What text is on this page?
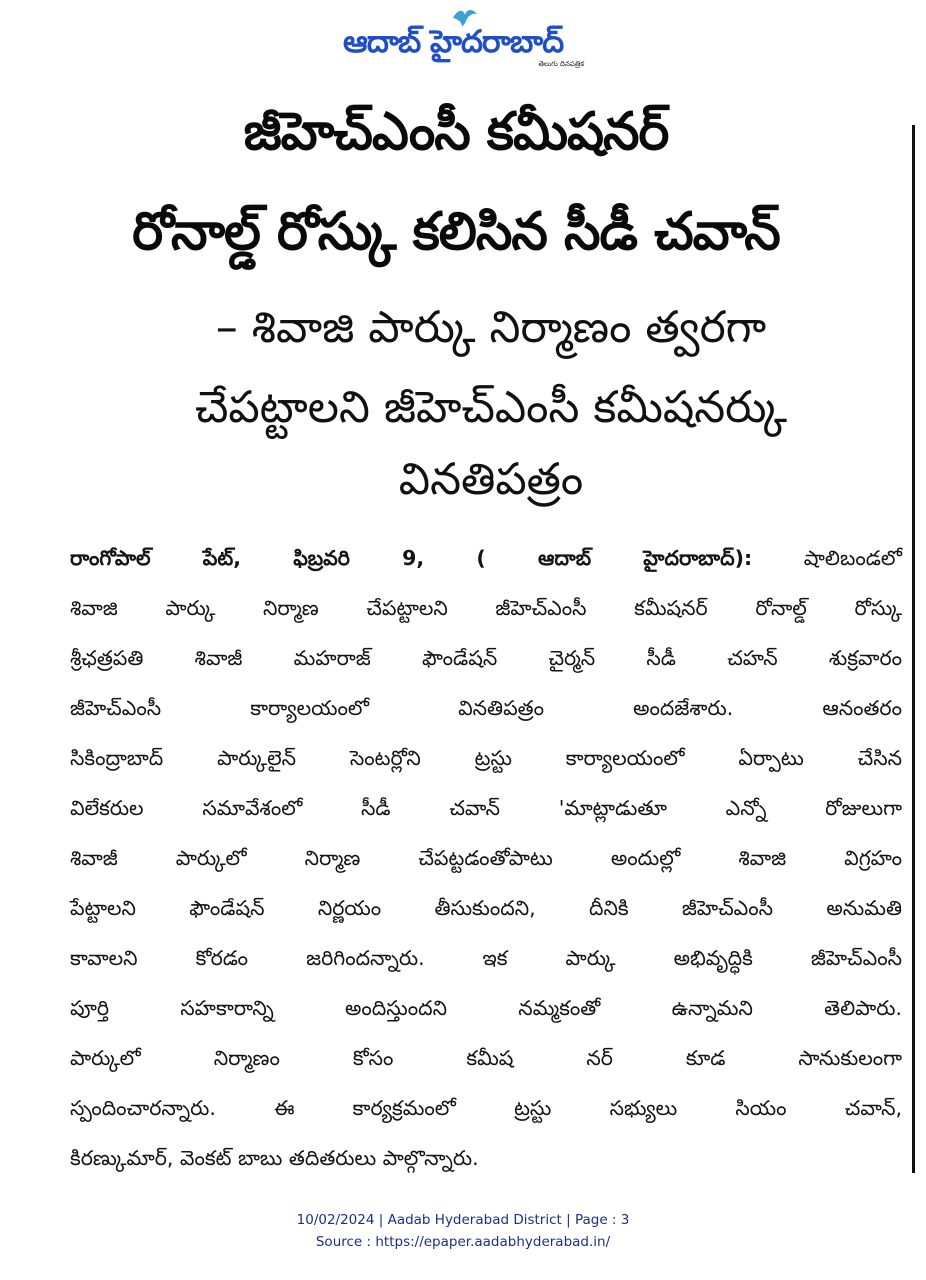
ఆదాబ్ హైదరాబాద్
తెలుగు దినపత్రిక
జీహెచ్ఎంసీ కమీషనర్
రోనాల్డ్ రోస్కు కలిసిన సీడీ చవాన్
– శివాజి పార్కు నిర్మాణం త్వరగా
చేపట్టాలని జీహెచ్ఎంసీ కమీషనర్కు
వినతిపత్రం
రాంగోపాల్ పేట్, ఫిబ్రవరి 9, ( ఆదాబ్ హైదరాబాద్): షాలిబండలో
శివాజి పార్కు నిర్మాణ చేపట్టాలని జీహెచ్ఎంసీ కమీషనర్ రోనాల్డ్ రోస్కు
శ్రీఛత్రపతి శివాజీ మహరాజ్ ఫౌండేషన్ చైర్మన్ సీడీ చహన్ శుక్రవారం
జీహెచ్ఎంసీ కార్యాలయంలో వినతిపత్రం అందజేశారు. ఆనంతరం
సికింద్రాబాద్ పార్కులైన్ సెంటర్లోని ట్రస్టు కార్యాలయంలో ఏర్పాటు చేసిన
విలేకరుల సమావేశంలో సీడీ చవాన్ 'మాట్లాడుతూ ఎన్నో రోజులుగా
శివాజీ పార్కులో నిర్మాణ చేపట్టడంతోపాటు అందుల్లో శివాజి విగ్రహం
పేట్టాలని ఫౌండేషన్ నిర్ణయం తీసుకుందని, దీనికి జీహెచ్ఎంసీ అనుమతి
కావాలని కోరడం జరిగిందన్నారు. ఇక పార్కు అభివృద్ధికి జీహెచ్ఎంసీ
పూర్తి సహకారాన్ని అందిస్తుందని నమ్మకంతో ఉన్నామని తెలిపారు.
పార్కులో నిర్మాణం కోసం కమీష నర్ కూడ సానుకులంగా
స్పందించారన్నారు. ఈ కార్యక్రమంలో ట్రస్టు సభ్యులు సియం చవాన్,
కిరణ్కుమార్, వెంకట్ బాబు తదితరులు పాల్గొన్నారు.
10/02/2024 | Aadab Hyderabad District | Page : 3
Source : https://epaper.aadabhyderabad.in/
